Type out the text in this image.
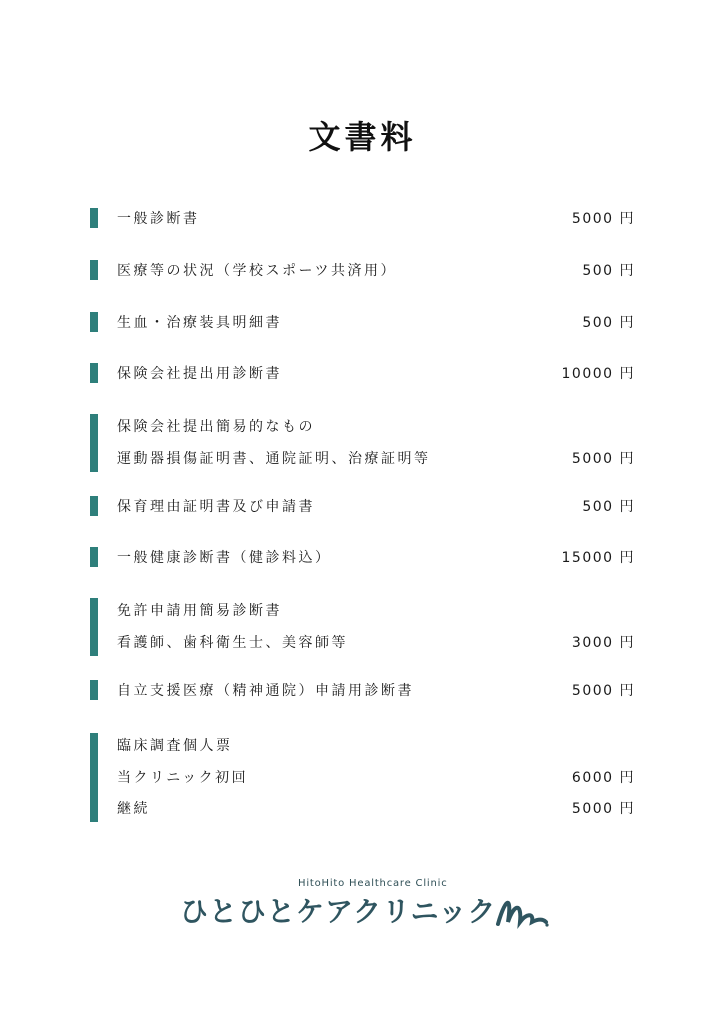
文書料
一般診断書	5000 円
医療等の状況（学校スポーツ共済用）	500 円
生血・治療装具明細書	500 円
保険会社提出用診断書	10000 円
保険会社提出簡易的なもの
運動器損傷証明書、通院証明、治療証明等	5000 円
保育理由証明書及び申請書	500 円
一般健康診断書（健診料込）	15000 円
免許申請用簡易診断書
看護師、歯科衛生士、美容師等	3000 円
自立支援医療（精神通院）申請用診断書	5000 円
臨床調査個人票
当クリニック初回	6000 円
継続	5000 円
HitoHito Healthcare Clinic
ひとひとケアクリニック
